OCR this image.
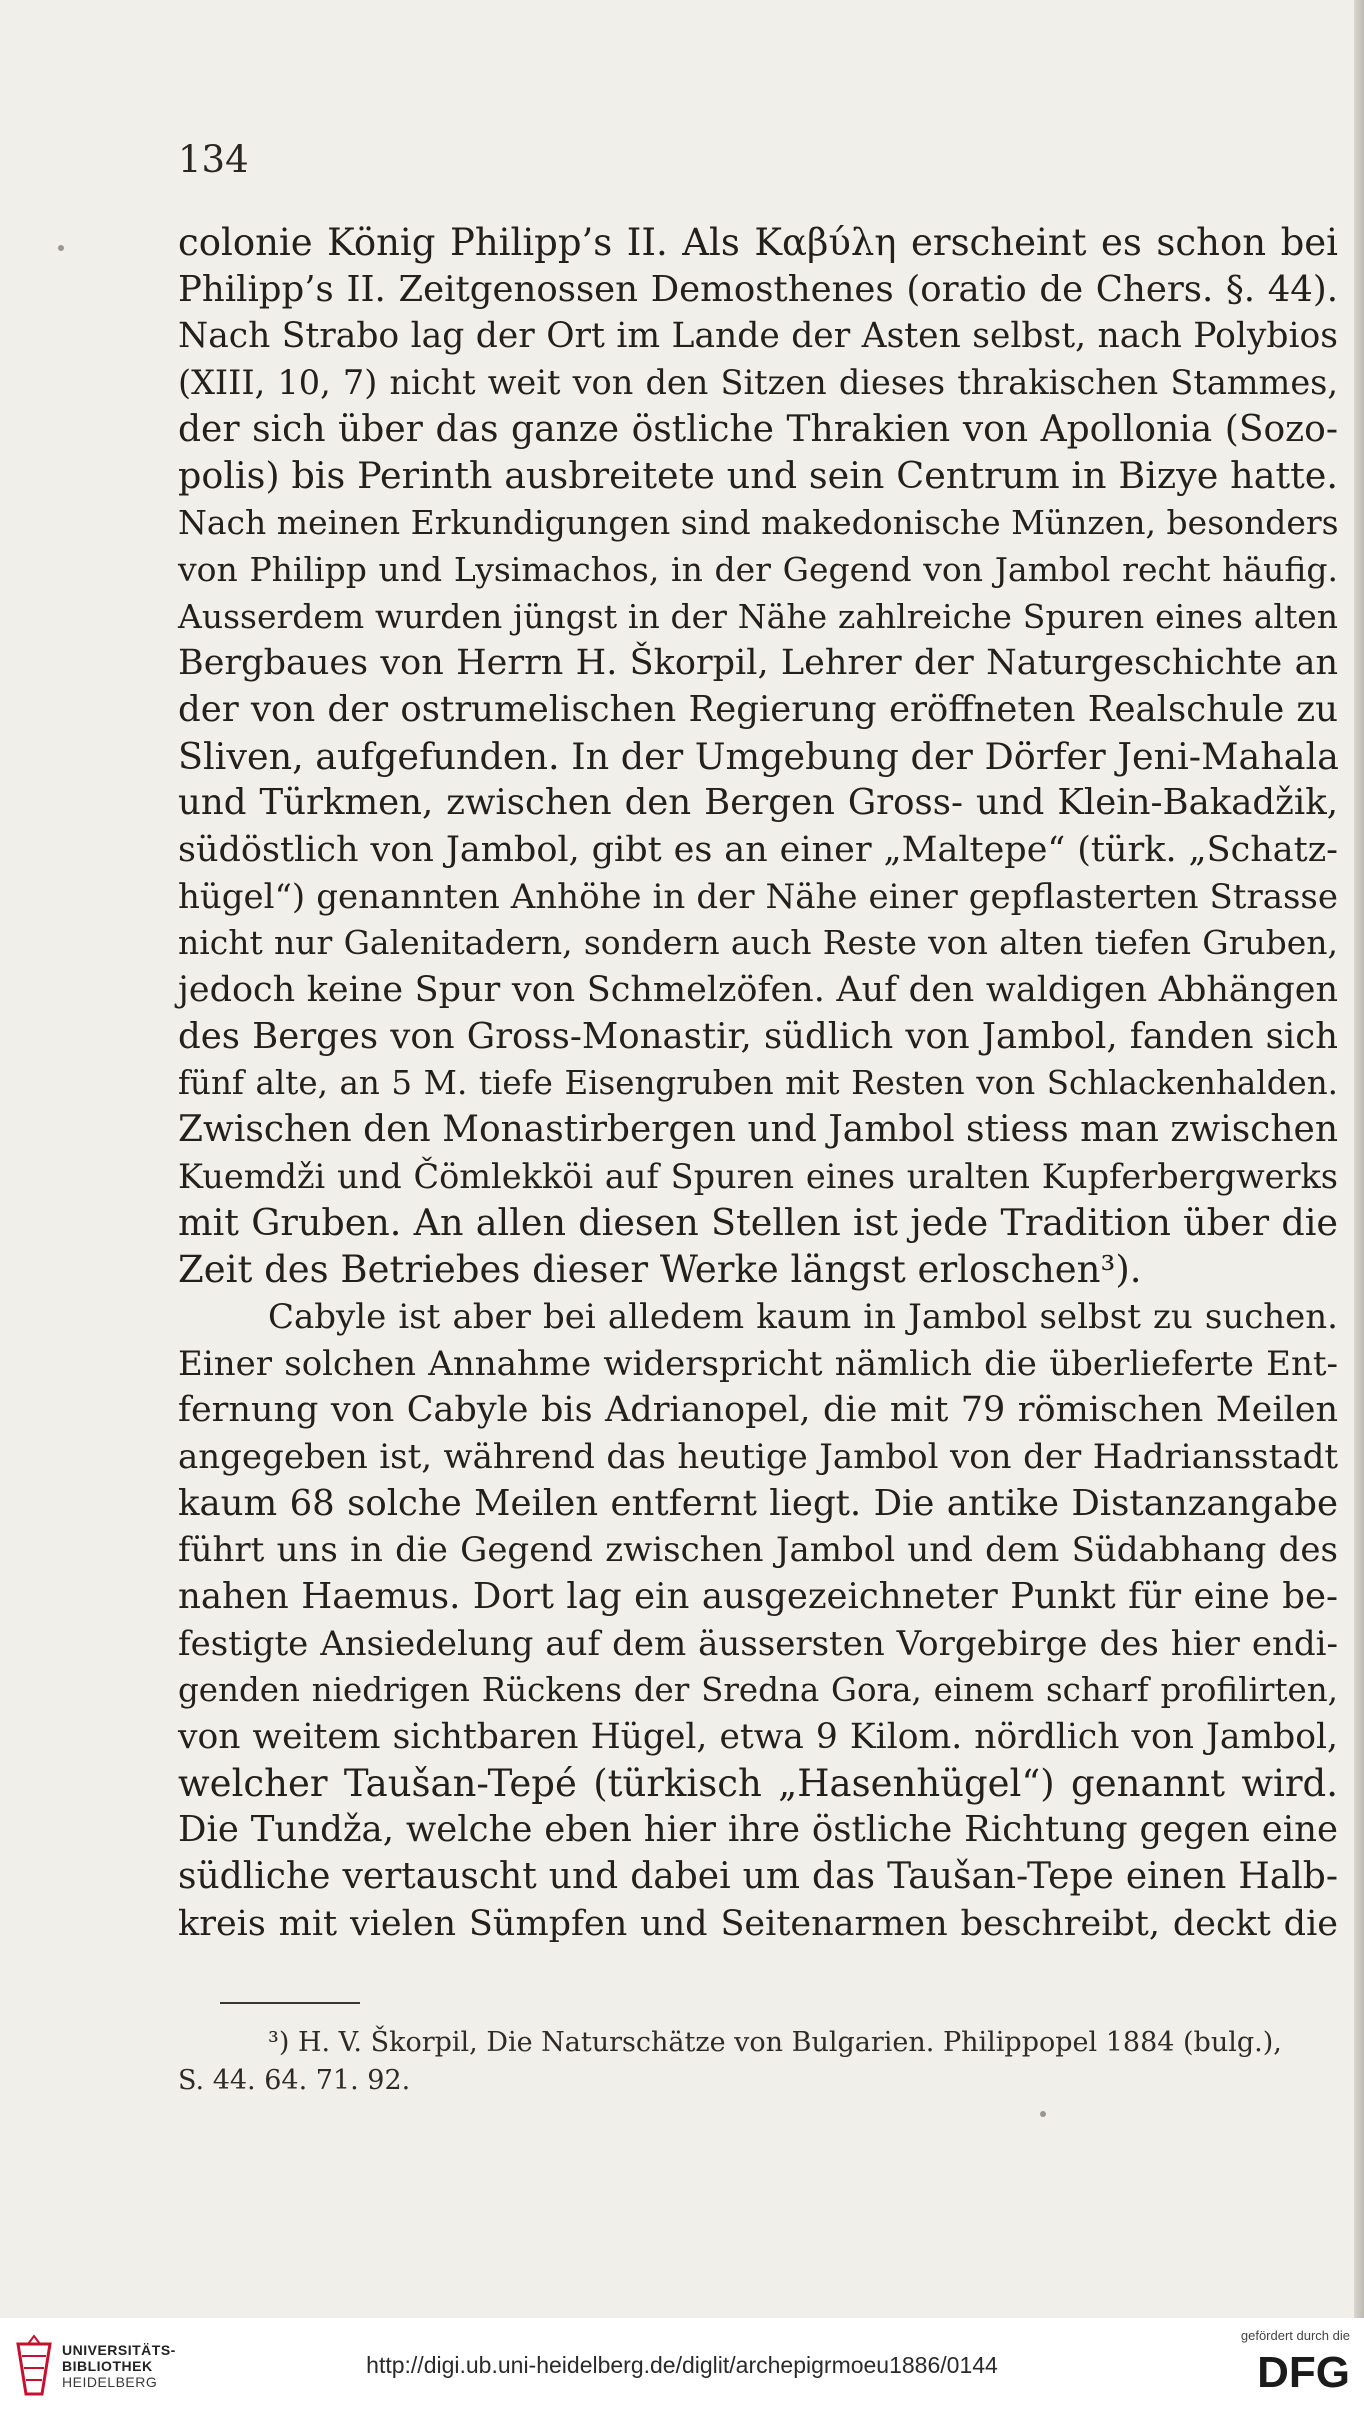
134
colonie König Philipp’s II. Als Καβύλη erscheint es schon bei
Philipp’s II. Zeitgenossen Demosthenes (oratio de Chers. §. 44).
Nach Strabo lag der Ort im Lande der Asten selbst, nach Polybios
(XIII, 10, 7) nicht weit von den Sitzen dieses thrakischen Stammes,
der sich über das ganze östliche Thrakien von Apollonia (Sozo-
polis) bis Perinth ausbreitete und sein Centrum in Bizye hatte.
Nach meinen Erkundigungen sind makedonische Münzen, besonders
von Philipp und Lysimachos, in der Gegend von Jambol recht häufig.
Ausserdem wurden jüngst in der Nähe zahlreiche Spuren eines alten
Bergbaues von Herrn H. Škorpil, Lehrer der Naturgeschichte an
der von der ostrumelischen Regierung eröffneten Realschule zu
Sliven, aufgefunden. In der Umgebung der Dörfer Jeni-Mahala
und Türkmen, zwischen den Bergen Gross- und Klein-Bakadžik,
südöstlich von Jambol, gibt es an einer „Maltepe“ (türk. „Schatz-
hügel“) genannten Anhöhe in der Nähe einer gepflasterten Strasse
nicht nur Galenitadern, sondern auch Reste von alten tiefen Gruben,
jedoch keine Spur von Schmelzöfen. Auf den waldigen Abhängen
des Berges von Gross-Monastir, südlich von Jambol, fanden sich
fünf alte, an 5 M. tiefe Eisengruben mit Resten von Schlackenhalden.
Zwischen den Monastirbergen und Jambol stiess man zwischen
Kuemdži und Čömlekköi auf Spuren eines uralten Kupferbergwerks
mit Gruben. An allen diesen Stellen ist jede Tradition über die
Zeit des Betriebes dieser Werke längst erloschen³).
Cabyle ist aber bei alledem kaum in Jambol selbst zu suchen.
Einer solchen Annahme widerspricht nämlich die überlieferte Ent-
fernung von Cabyle bis Adrianopel, die mit 79 römischen Meilen
angegeben ist, während das heutige Jambol von der Hadriansstadt
kaum 68 solche Meilen entfernt liegt. Die antike Distanzangabe
führt uns in die Gegend zwischen Jambol und dem Südabhang des
nahen Haemus. Dort lag ein ausgezeichneter Punkt für eine be-
festigte Ansiedelung auf dem äussersten Vorgebirge des hier endi-
genden niedrigen Rückens der Sredna Gora, einem scharf profilirten,
von weitem sichtbaren Hügel, etwa 9 Kilom. nördlich von Jambol,
welcher Taušan-Tepé (türkisch „Hasenhügel“) genannt wird.
Die Tundža, welche eben hier ihre östliche Richtung gegen eine
südliche vertauscht und dabei um das Taušan-Tepe einen Halb-
kreis mit vielen Sümpfen und Seitenarmen beschreibt, deckt die
³) H. V. Škorpil, Die Naturschätze von Bulgarien. Philippopel 1884 (bulg.),
S. 44. 64. 71. 92.
UNIVERSITÄTS-
BIBLIOTHEK
HEIDELBERG
http://digi.ub.uni-heidelberg.de/diglit/archepigrmoeu1886/0144
gefördert durch die
DFG
